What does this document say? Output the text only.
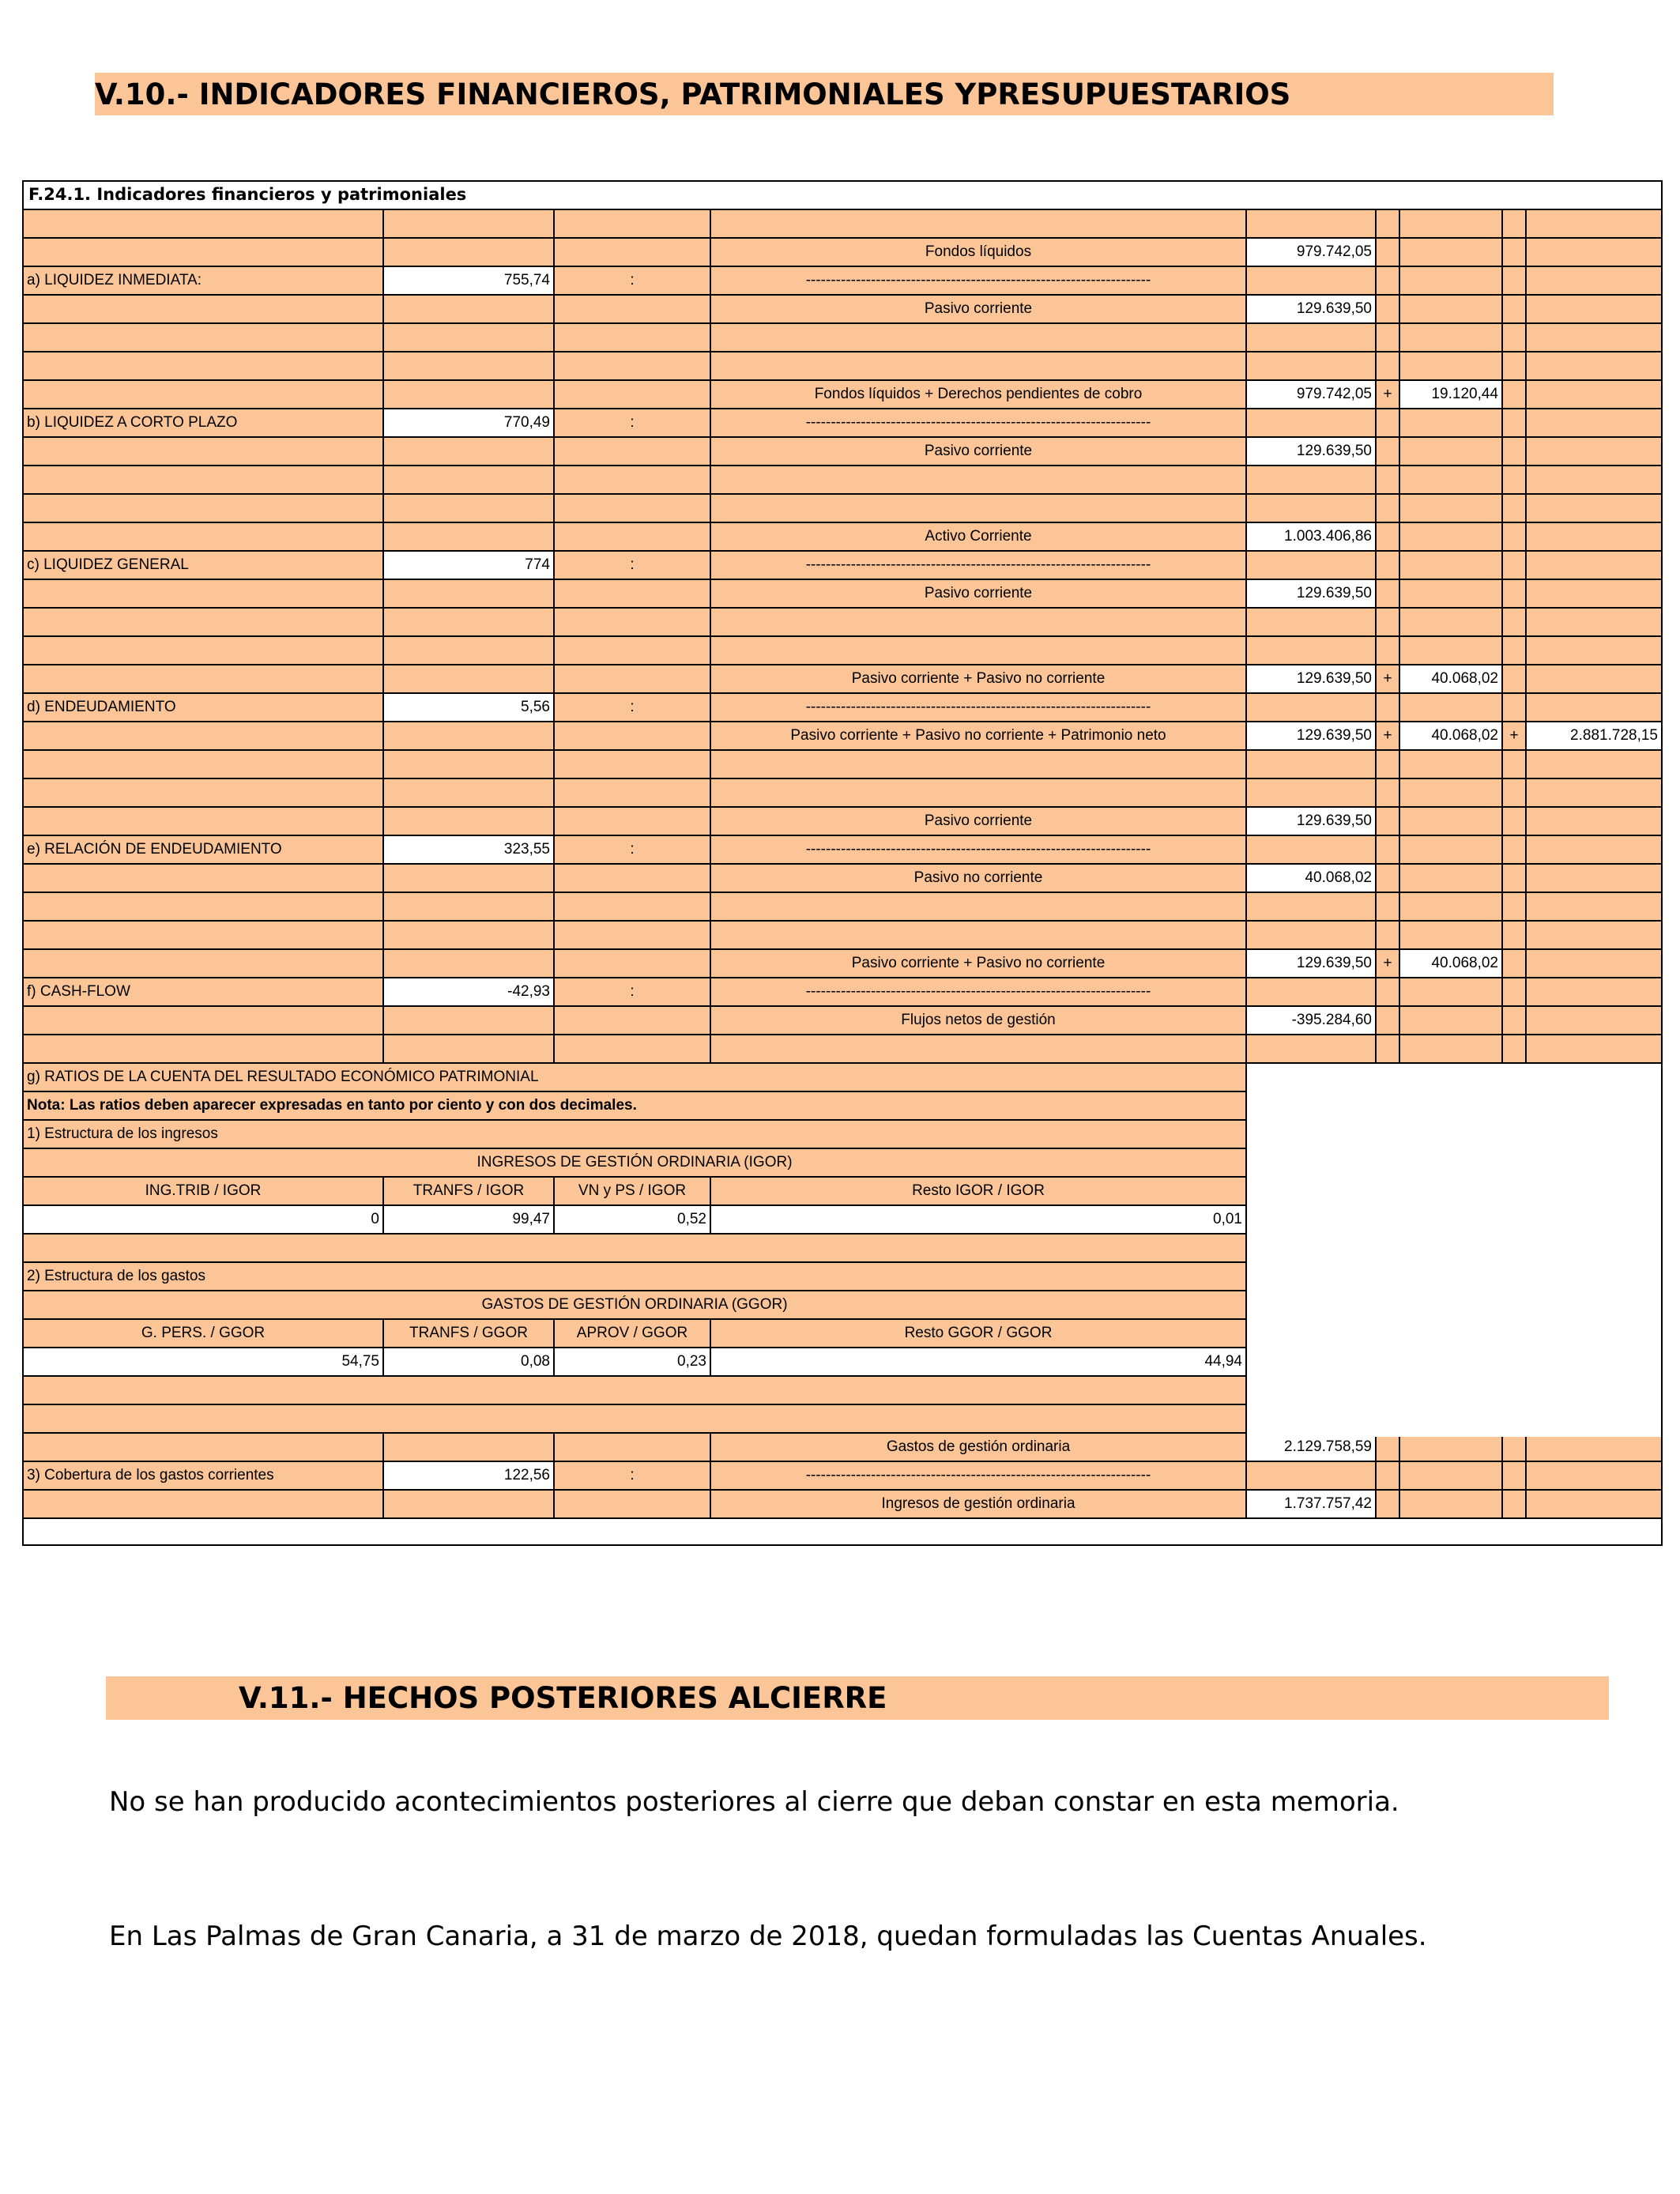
V.10.- INDICADORES FINANCIEROS, PATRIMONIALES YPRESUPUESTARIOS
F.24.1. Indicadores financieros y patrimoniales
Fondos líquidos	979.742,05
a) LIQUIDEZ INMEDIATA:	755,74	:	---------------------------------------------------------------------
Pasivo corriente	129.639,50
Fondos líquidos + Derechos pendientes de cobro	979.742,05 +	19.120,44
b) LIQUIDEZ A CORTO PLAZO	770,49	:	---------------------------------------------------------------------
Pasivo corriente	129.639,50
Activo Corriente	1.003.406,86
c) LIQUIDEZ GENERAL	774	:	---------------------------------------------------------------------
Pasivo corriente	129.639,50
Pasivo corriente + Pasivo no corriente	129.639,50 +	40.068,02
d) ENDEUDAMIENTO	5,56	:	---------------------------------------------------------------------
Pasivo corriente + Pasivo no corriente + Patrimonio neto	129.639,50 +	40.068,02 +	2.881.728,15
Pasivo corriente	129.639,50
e) RELACIÓN DE ENDEUDAMIENTO	323,55	:	---------------------------------------------------------------------
Pasivo no corriente	40.068,02
Pasivo corriente + Pasivo no corriente	129.639,50 +	40.068,02
f) CASH-FLOW	-42,93	:	---------------------------------------------------------------------
Flujos netos de gestión	-395.284,60
g) RATIOS DE LA CUENTA DEL RESULTADO ECONÓMICO PATRIMONIAL
Nota: Las ratios deben aparecer expresadas en tanto por ciento y con dos decimales.
1) Estructura de los ingresos
INGRESOS DE GESTIÓN ORDINARIA (IGOR)
ING.TRIB / IGOR	TRANFS / IGOR	VN y PS / IGOR	Resto IGOR / IGOR
0	99,47	0,52	0,01
2) Estructura de los gastos
GASTOS DE GESTIÓN ORDINARIA (GGOR)
G. PERS. / GGOR	TRANFS / GGOR	APROV / GGOR	Resto GGOR / GGOR
54,75	0,08	0,23	44,94
Gastos de gestión ordinaria	2.129.758,59
3) Cobertura de los gastos corrientes	122,56	:	---------------------------------------------------------------------
Ingresos de gestión ordinaria	1.737.757,42
V.11.- HECHOS POSTERIORES ALCIERRE
No se han producido acontecimientos posteriores al cierre que deban constar en esta memoria.
En Las Palmas de Gran Canaria, a 31 de marzo de 2018, quedan formuladas las Cuentas Anuales.
